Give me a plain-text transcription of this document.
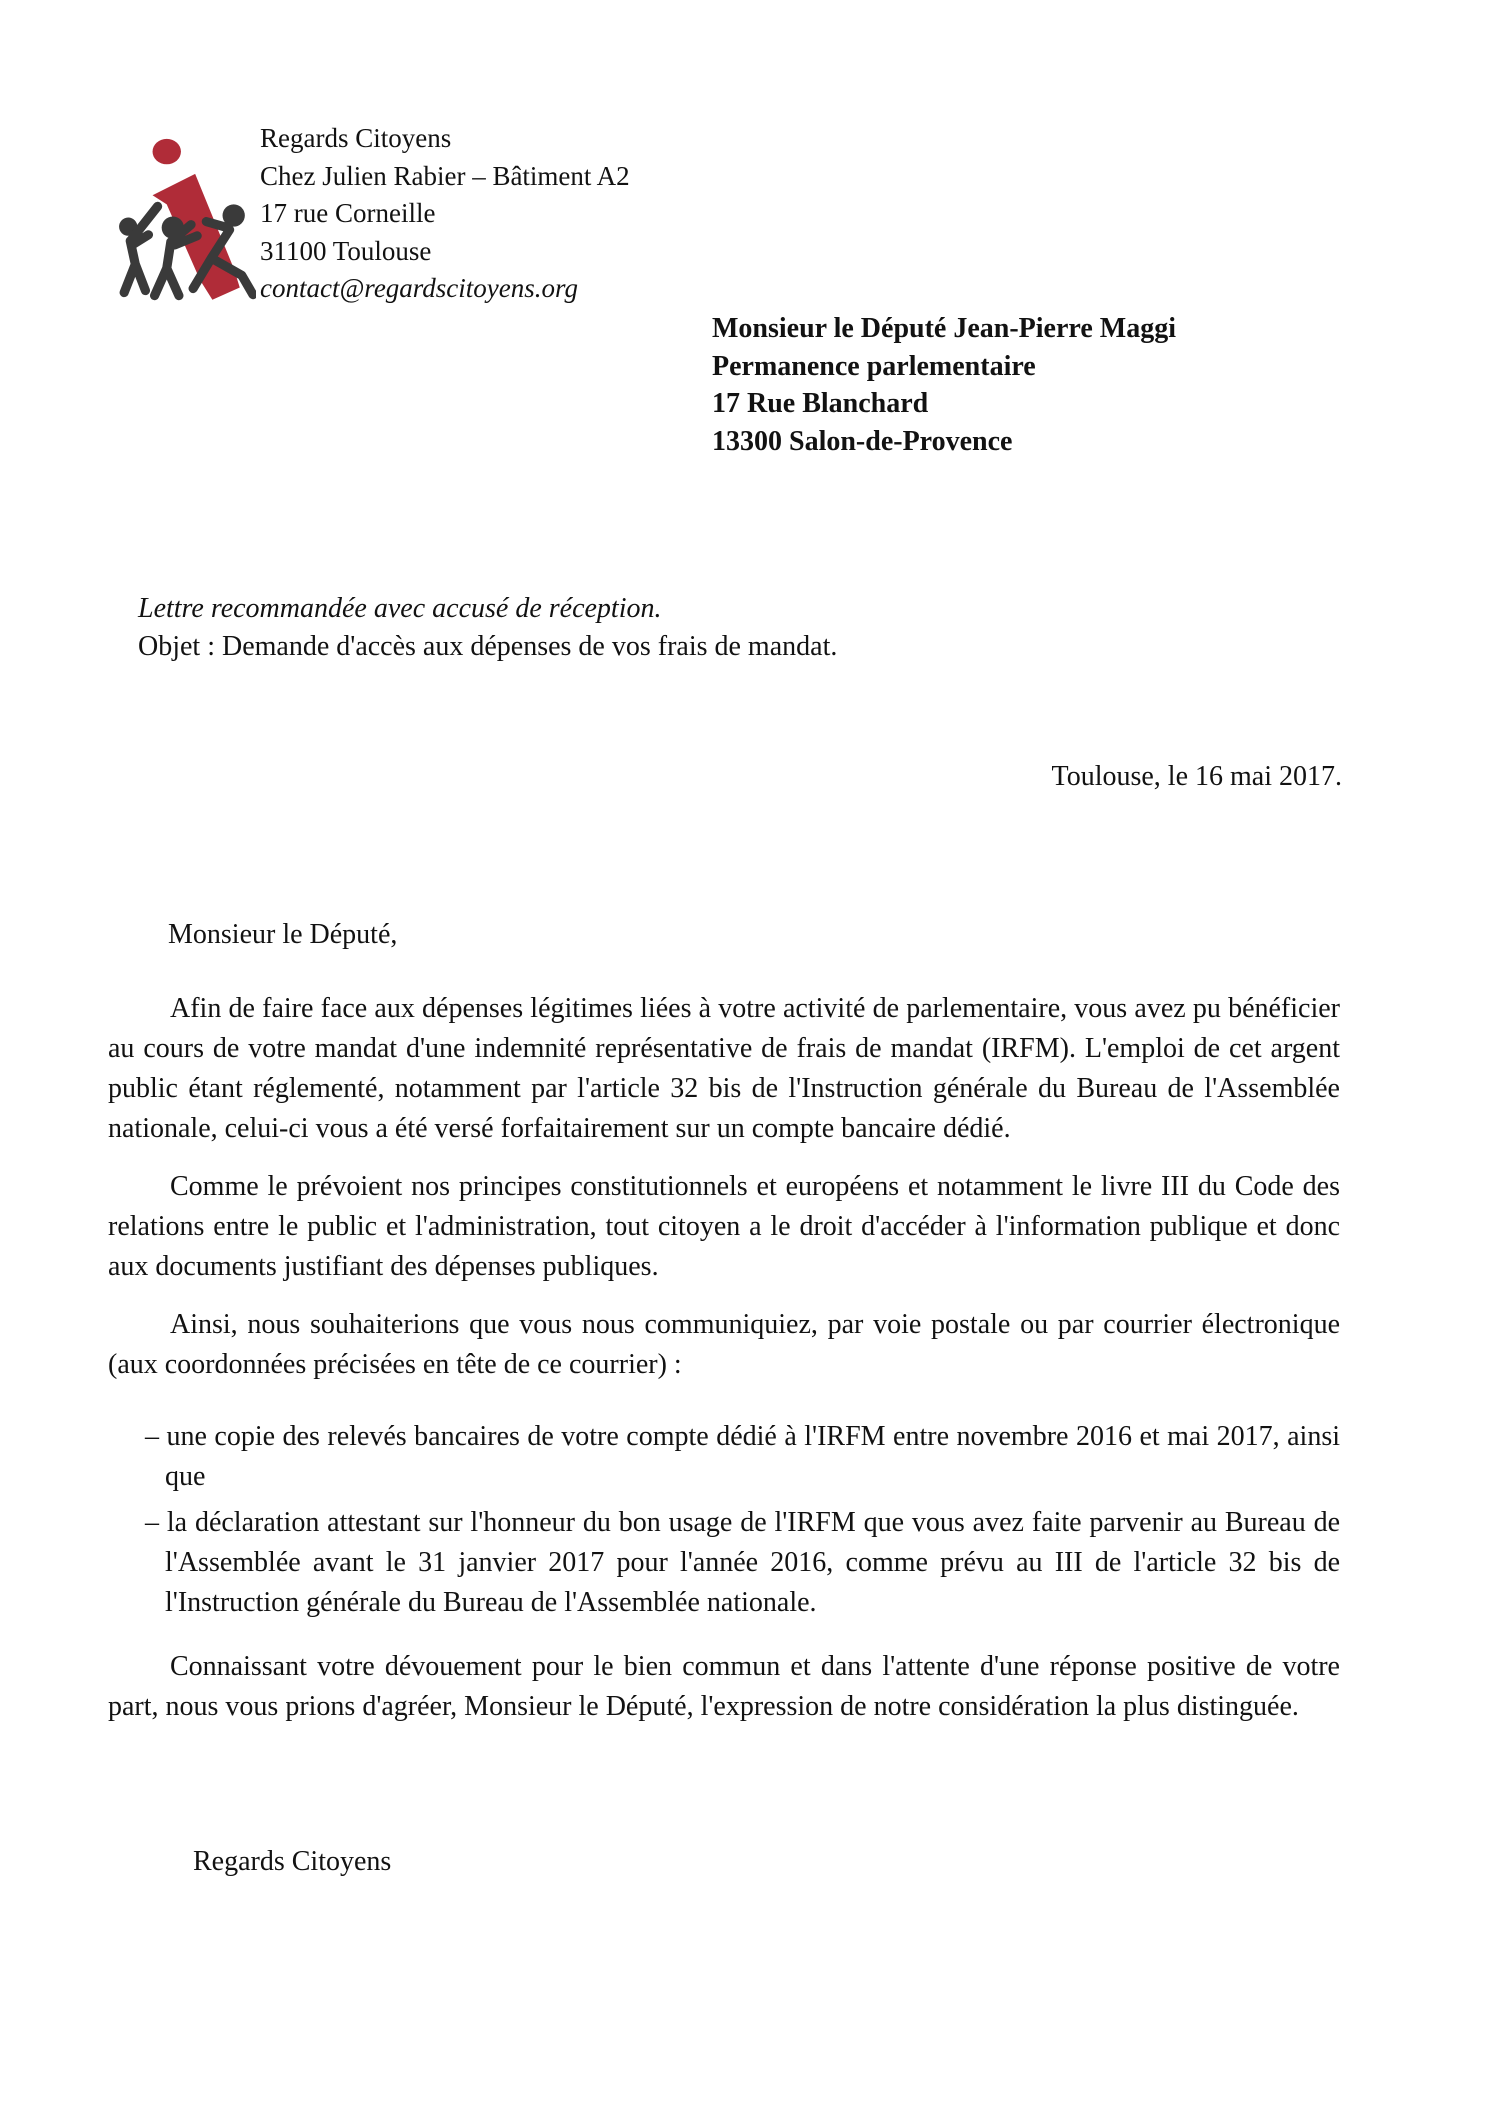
Regards Citoyens
Chez Julien Rabier – Bâtiment A2
17 rue Corneille
31100 Toulouse
contact@regardscitoyens.org
Monsieur le Député Jean-Pierre Maggi
Permanence parlementaire
17 Rue Blanchard
13300 Salon-de-Provence
Lettre recommandée avec accusé de réception.
Objet : Demande d'accès aux dépenses de vos frais de mandat.
Toulouse, le 16 mai 2017.

Monsieur le Député,

Afin de faire face aux dépenses légitimes liées à votre activité de parlementaire, vous avez pu bénéficier au cours de votre mandat d'une indemnité représentative de frais de mandat (IRFM). L'emploi de cet argent public étant réglementé, notamment par l'article 32 bis de l'Instruction générale du Bureau de l'Assemblée nationale, celui-ci vous a été versé forfaitairement sur un compte bancaire dédié.

Comme le prévoient nos principes constitutionnels et européens et notamment le livre III du Code des relations entre le public et l'administration, tout citoyen a le droit d'accéder à l'information publique et donc aux documents justifiant des dépenses publiques.

Ainsi, nous souhaiterions que vous nous communiquiez, par voie postale ou par courrier électronique (aux coordonnées précisées en tête de ce courrier) :

– une copie des relevés bancaires de votre compte dédié à l'IRFM entre novembre 2016 et mai 2017, ainsi que
– la déclaration attestant sur l'honneur du bon usage de l'IRFM que vous avez faite parvenir au Bureau de l'Assemblée avant le 31 janvier 2017 pour l'année 2016, comme prévu au III de l'article 32 bis de l'Instruction générale du Bureau de l'Assemblée nationale.

Connaissant votre dévouement pour le bien commun et dans l'attente d'une réponse positive de votre part, nous vous prions d'agréer, Monsieur le Député, l'expression de notre considération la plus distinguée.

Regards Citoyens
